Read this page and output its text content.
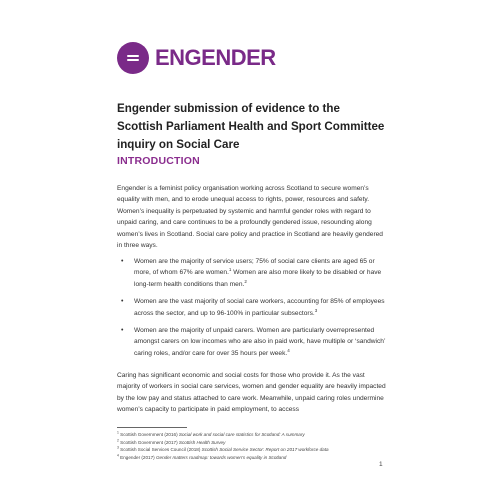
ENGENDER
Engender submission of evidence to the Scottish Parliament Health and Sport Committee inquiry on Social Care
INTRODUCTION

Engender is a feminist policy organisation working across Scotland to secure women’s equality with men, and to erode unequal access to rights, power, resources and safety. Women’s inequality is perpetuated by systemic and harmful gender roles with regard to unpaid caring, and care continues to be a profoundly gendered issue, resounding along women’s lives in Scotland. Social care policy and practice in Scotland are heavily gendered in three ways.

• Women are the majority of service users; 75% of social care clients are aged 65 or more, of whom 67% are women.$^1$ Women are also more likely to be disabled or have long-term health conditions than men.$^2$
• Women are the vast majority of social care workers, accounting for 85% of employees across the sector, and up to 96-100% in particular subsectors.$^3$
• Women are the majority of unpaid carers. Women are particularly overrepresented amongst carers on low incomes who are also in paid work, have multiple or ‘sandwich’ caring roles, and/or care for over 35 hours per week.$^4$

Caring has significant economic and social costs for those who provide it. As the vast majority of workers in social care services, women and gender equality are heavily impacted by the low pay and status attached to care work. Meanwhile, unpaid caring roles undermine women’s capacity to participate in paid employment, to access

$^1$ Scottish Government (2016) Social work and social care statistics for Scotland: A summary
$^2$ Scottish Government (2017) Scottish Health Survey
$^3$ Scottish Social Services Council (2018) Scottish Social Service Sector: Report on 2017 workforce data
$^4$ Engender (2017) Gender matters roadmap: towards women’s equality in Scotland
1
